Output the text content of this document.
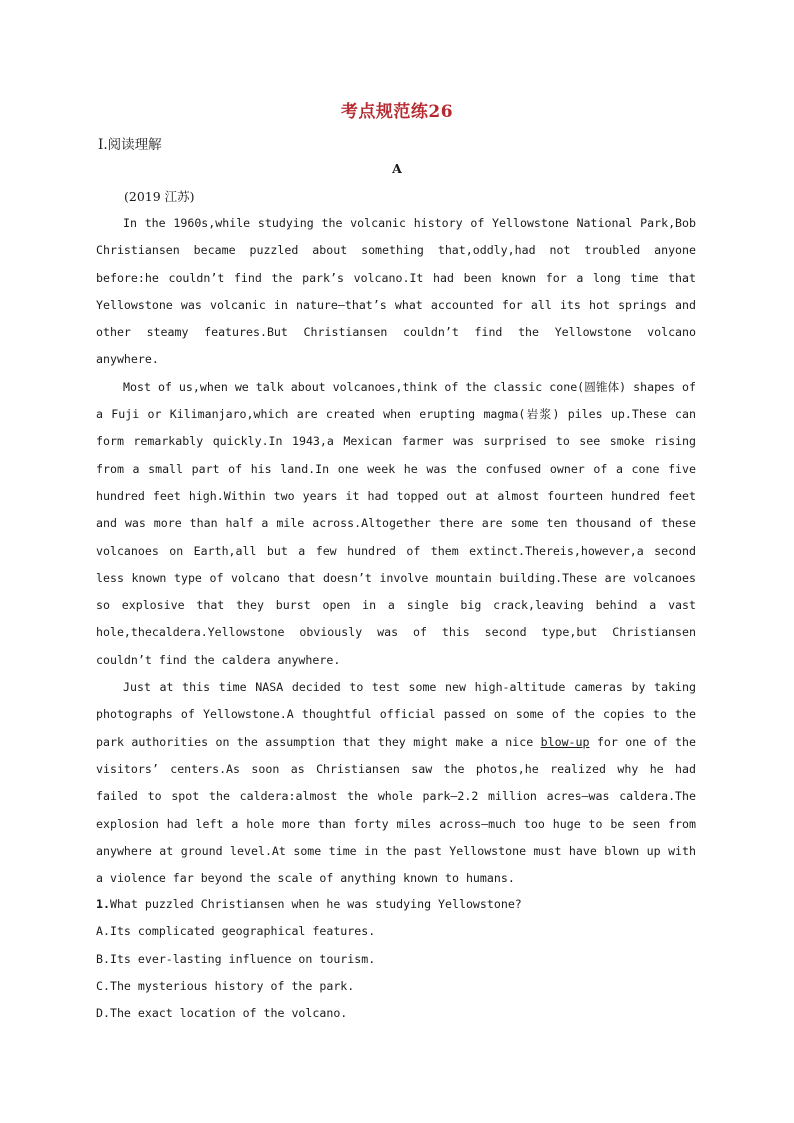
考点规范练26
Ⅰ.阅读理解
A
(2019 江苏)

In the 1960s,while studying the volcanic history of Yellowstone National Park,Bob Christiansen became puzzled about something that,oddly,had not troubled anyone before:he couldn’t find the park’s volcano.It had been known for a long time that Yellowstone was volcanic in nature—that’s what accounted for all its hot springs and other steamy features.But Christiansen couldn’t find the Yellowstone volcano anywhere.

Most of us,when we talk about volcanoes,think of the classic cone(圆锥体) shapes of a Fuji or Kilimanjaro,which are created when erupting magma(岩浆) piles up.These can form remarkably quickly.In 1943,a Mexican farmer was surprised to see smoke rising from a small part of his land.In one week he was the confused owner of a cone five hundred feet high.Within two years it had topped out at almost fourteen hundred feet and was more than half a mile across.Altogether there are some ten thousand of these volcanoes on Earth,all but a few hundred of them extinct.Thereis,however,a second less known type of volcano that doesn’t involve mountain building.These are volcanoes so explosive that they burst open in a single big crack,leaving behind a vast hole,thecaldera.Yellowstone obviously was of this second type,but Christiansen couldn’t find the caldera anywhere.

Just at this time NASA decided to test some new high-altitude cameras by taking photographs of Yellowstone.A thoughtful official passed on some of the copies to the park authorities on the assumption that they might make a nice blow-up for one of the visitors’ centers.As soon as Christiansen saw the photos,he realized why he had failed to spot the caldera:almost the whole park—2.2 million acres—was caldera.The explosion had left a hole more than forty miles across—much too huge to be seen from anywhere at ground level.At some time in the past Yellowstone must have blown up with a violence far beyond the scale of anything known to humans.

1.What puzzled Christiansen when he was studying Yellowstone?

A.Its complicated geographical features.

B.Its ever-lasting influence on tourism.

C.The mysterious history of the park.

D.The exact location of the volcano.
